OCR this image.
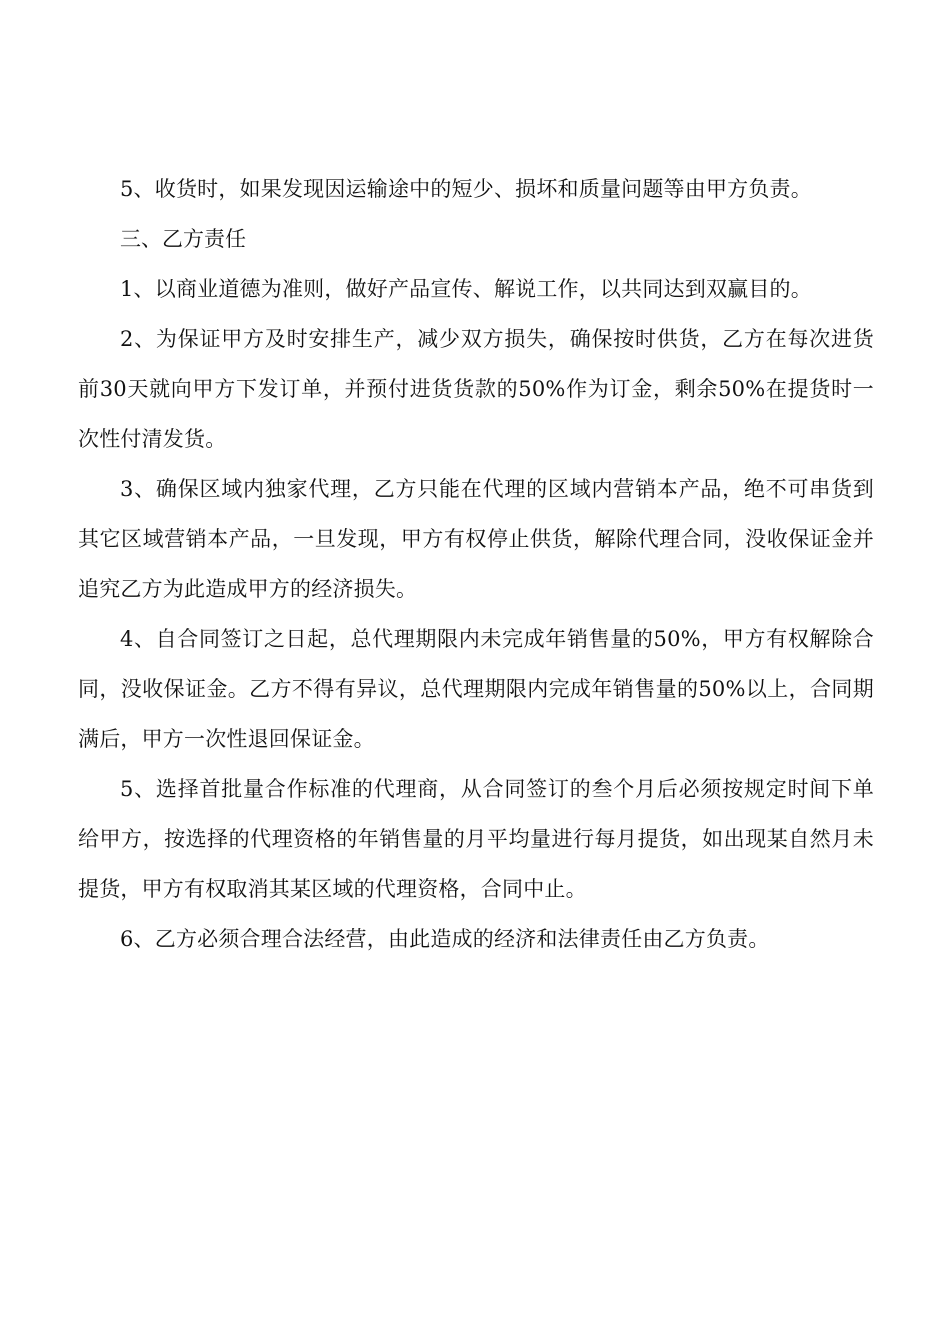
5、收货时，如果发现因运输途中的短少、损坏和质量问题等由甲方负责。

三、乙方责任

1、以商业道德为准则，做好产品宣传、解说工作，以共同达到双赢目的。

2、为保证甲方及时安排生产，减少双方损失，确保按时供货，乙方在每次进货前30天就向甲方下发订单，并预付进货货款的50%作为订金，剩余50%在提货时一次性付清发货。

3、确保区域内独家代理，乙方只能在代理的区域内营销本产品，绝不可串货到其它区域营销本产品，一旦发现，甲方有权停止供货，解除代理合同，没收保证金并追究乙方为此造成甲方的经济损失。

4、自合同签订之日起，总代理期限内未完成年销售量的50%，甲方有权解除合同，没收保证金。乙方不得有异议，总代理期限内完成年销售量的50%以上，合同期满后，甲方一次性退回保证金。

5、选择首批量合作标准的代理商，从合同签订的叁个月后必须按规定时间下单给甲方，按选择的代理资格的年销售量的月平均量进行每月提货，如出现某自然月未提货，甲方有权取消其某区域的代理资格，合同中止。

6、乙方必须合理合法经营，由此造成的经济和法律责任由乙方负责。
